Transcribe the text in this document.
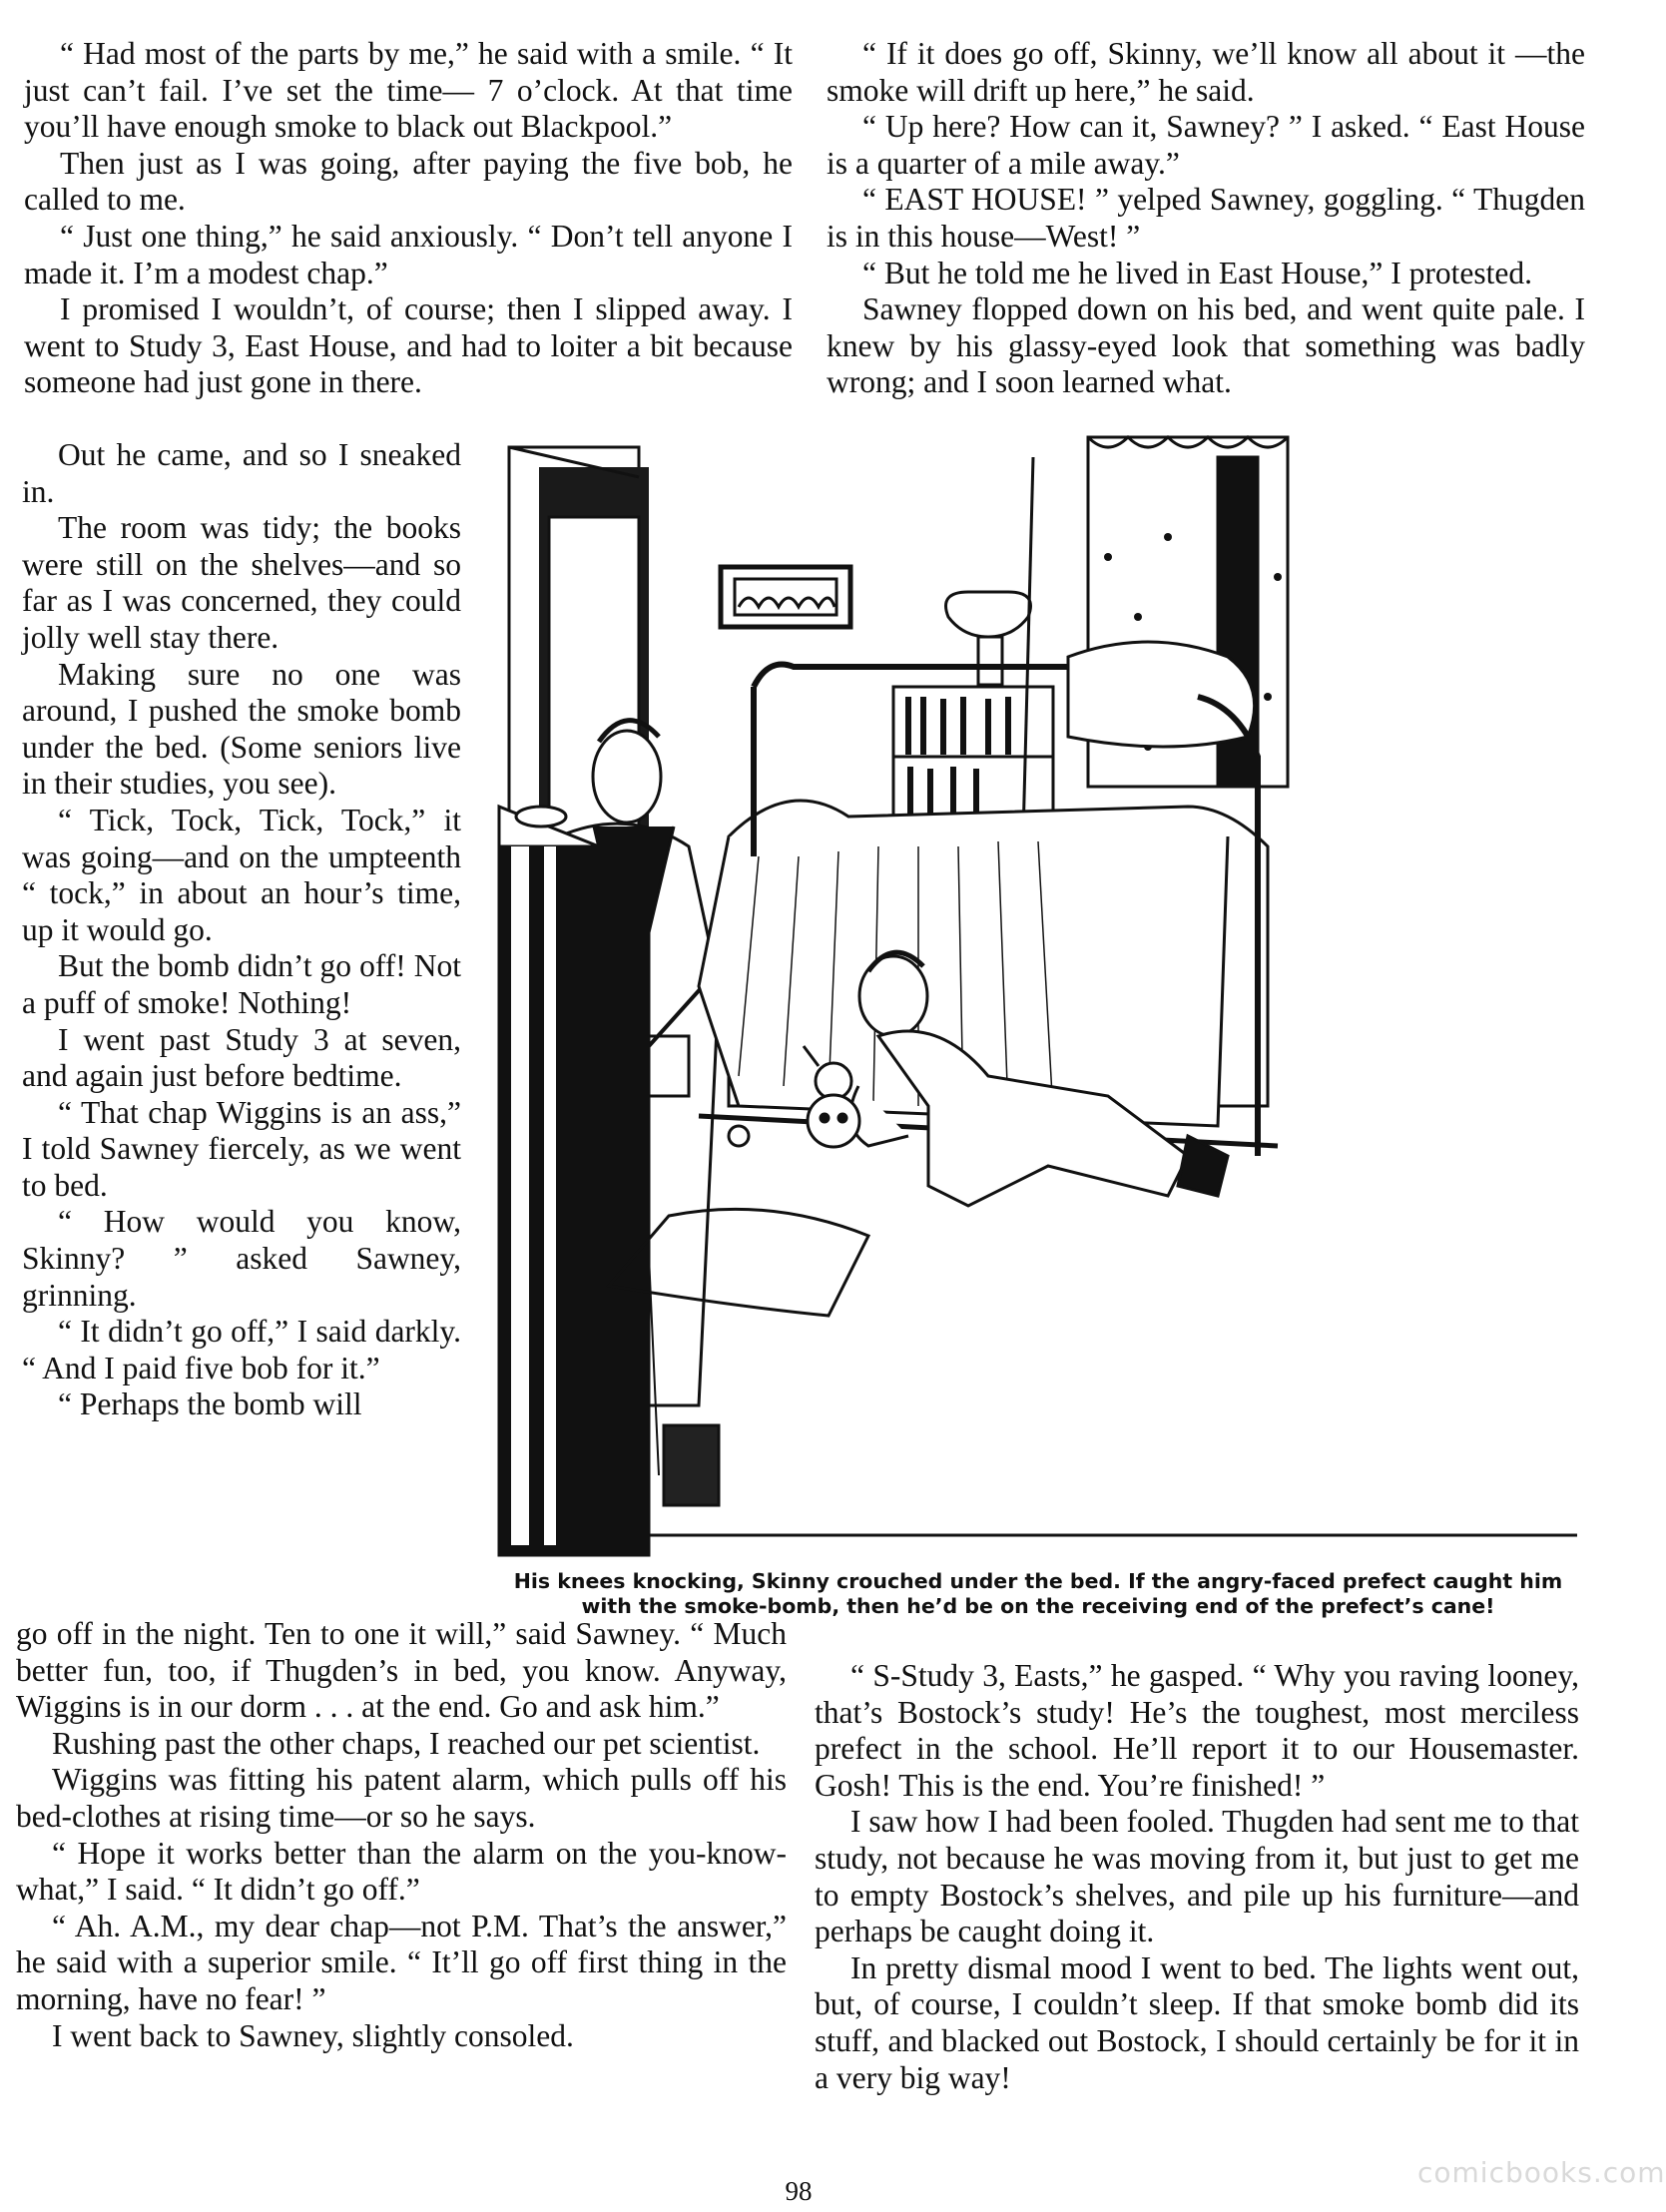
“ Had most of the parts by me,” he said with a smile. “ It just can’t fail. I’ve set the time— 7 o’clock. At that time you’ll have enough smoke to black out Blackpool.”

Then just as I was going, after paying the five bob, he called to me.

“ Just one thing,” he said anxiously. “ Don’t tell anyone I made it. I’m a modest chap.”

I promised I wouldn’t, of course; then I slipped away. I went to Study 3, East House, and had to loiter a bit because someone had just gone in there.

Out he came, and so I sneaked in.

The room was tidy; the books were still on the shelves—and so far as I was concerned, they could jolly well stay there.

Making sure no one was around, I pushed the smoke bomb under the bed. (Some seniors live in their studies, you see).

“ Tick, Tock, Tick, Tock,” it was going—and on the umpteenth “ tock,” in about an hour’s time, up it would go.

But the bomb didn’t go off! Not a puff of smoke! Nothing!

I went past Study 3 at seven, and again just before bedtime.

“ That chap Wiggins is an ass,” I told Sawney fiercely, as we went to bed.

“ How would you know, Skinny? ” asked Sawney, grinning.

“ It didn’t go off,” I said darkly. “ And I paid five bob for it.”

“ Perhaps the bomb will

go off in the night. Ten to one it will,” said Sawney. “ Much better fun, too, if Thugden’s in bed, you know. Anyway, Wiggins is in our dorm . . . at the end. Go and ask him.”

Rushing past the other chaps, I reached our pet scientist.

Wiggins was fitting his patent alarm, which pulls off his bed-clothes at rising time—or so he says.

“ Hope it works better than the alarm on the you-know-what,” I said. “ It didn’t go off.”

“ Ah. A.M., my dear chap—not P.M. That’s the answer,” he said with a superior smile. “ It’ll go off first thing in the morning, have no fear! ”

I went back to Sawney, slightly consoled.

“ If it does go off, Skinny, we’ll know all about it —the smoke will drift up here,” he said.

“ Up here? How can it, Sawney? ” I asked. “ East House is a quarter of a mile away.”

“ EAST HOUSE! ” yelped Sawney, goggling. “ Thugden is in this house—West! ”

“ But he told me he lived in East House,” I protested.

Sawney flopped down on his bed, and went quite pale. I knew by his glassy-eyed look that something was badly wrong; and I soon learned what.

His knees knocking, Skinny crouched under the bed. If the angry-faced prefect caught him with the smoke-bomb, then he’d be on the receiving end of the prefect’s cane!

“ S-Study 3, Easts,” he gasped. “ Why you raving looney, that’s Bostock’s study! He’s the toughest, most merciless prefect in the school. He’ll report it to our Housemaster. Gosh! This is the end. You’re finished! ”

I saw how I had been fooled. Thugden had sent me to that study, not because he was moving from it, but just to get me to empty Bostock’s shelves, and pile up his furniture—and perhaps be caught doing it.

In pretty dismal mood I went to bed. The lights went out, but, of course, I couldn’t sleep. If that smoke bomb did its stuff, and blacked out Bostock, I should certainly be for it in a very big way!

98
comicbooks.com
